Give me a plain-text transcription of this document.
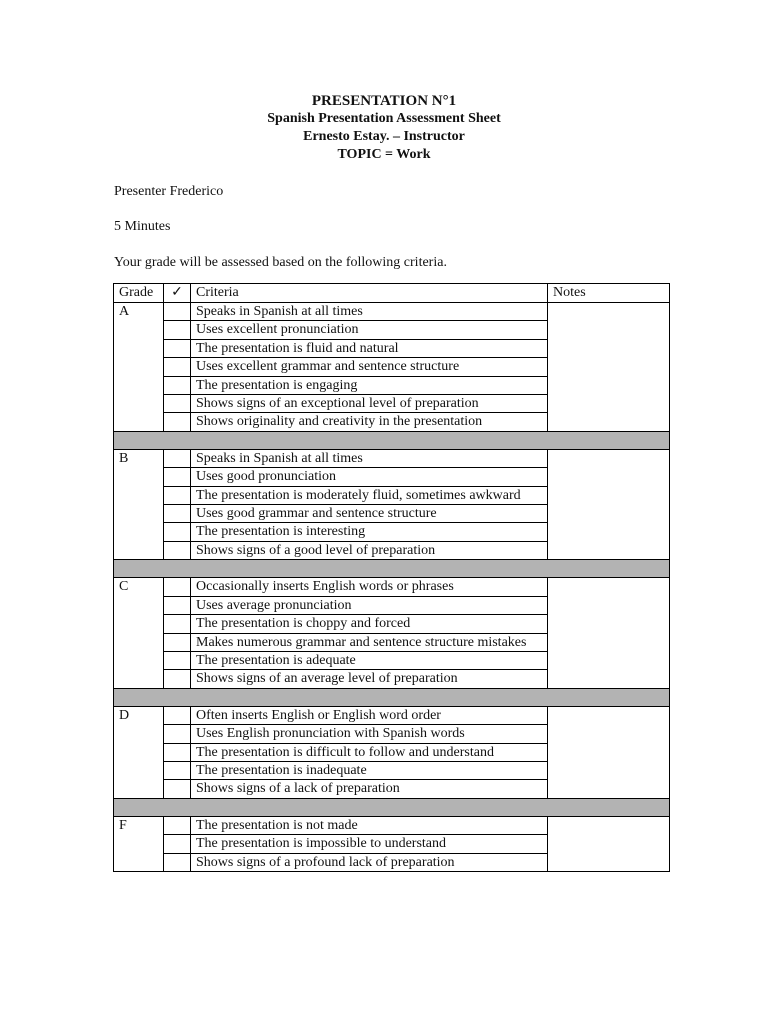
PRESENTATION N°1
Spanish Presentation Assessment Sheet
Ernesto Estay. – Instructor
TOPIC = Work
Presenter Frederico
5 Minutes
Your grade will be assessed based on the following criteria.
Grade	✓	Criteria	Notes
A		Speaks in Spanish at all times	
		Uses excellent pronunciation	
		The presentation is fluid and natural	
		Uses excellent grammar and sentence structure	
		The presentation is engaging	
		Shows signs of an exceptional level of preparation	
		Shows originality and creativity in the presentation	

B		Speaks in Spanish at all times	
		Uses good pronunciation	
		The presentation is moderately fluid, sometimes awkward	
		Uses good grammar and sentence structure	
		The presentation is interesting	
		Shows signs of a good level of preparation	

C		Occasionally inserts English words or phrases	
		Uses average pronunciation	
		The presentation is choppy and forced	
		Makes numerous grammar and sentence structure mistakes	
		The presentation is adequate	
		Shows signs of an average level of preparation	

D		Often inserts English or English word order	
		Uses English pronunciation with Spanish words	
		The presentation is difficult to follow and understand	
		The presentation is inadequate	
		Shows signs of a lack of preparation	

F		The presentation is not made	
		The presentation is impossible to understand	
		Shows signs of a profound lack of preparation	
